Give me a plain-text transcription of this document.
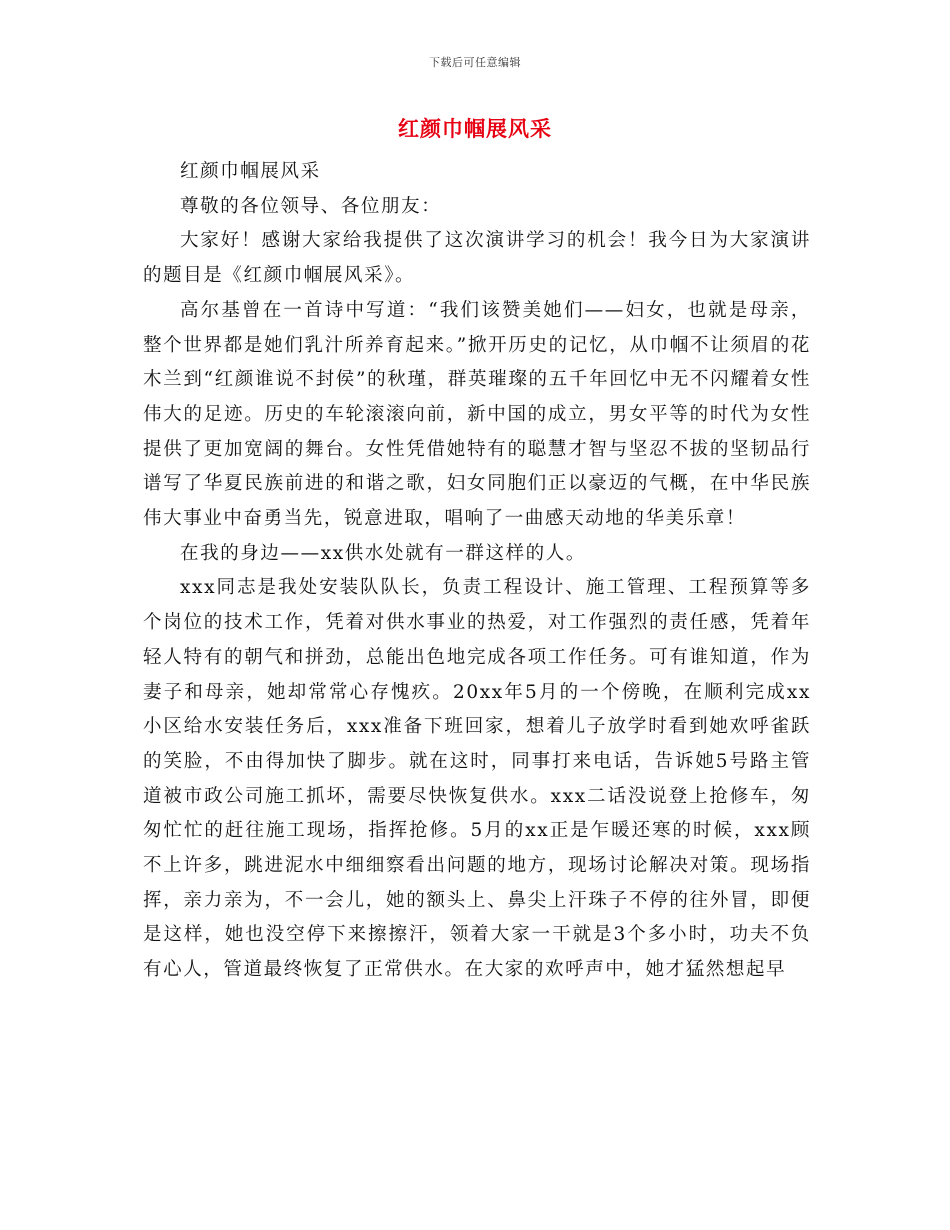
下载后可任意编辑
红颜巾帼展风采

红颜巾帼展风采

尊敬的各位领导、各位朋友：

大家好！感谢大家给我提供了这次演讲学习的机会！我今日为大家演讲的题目是《红颜巾帼展风采》。

高尔基曾在一首诗中写道：“我们该赞美她们——妇女，也就是母亲，整个世界都是她们乳汁所养育起来。”掀开历史的记忆，从巾帼不让须眉的花木兰到“红颜谁说不封侯”的秋瑾，群英璀璨的五千年回忆中无不闪耀着女性伟大的足迹。历史的车轮滚滚向前，新中国的成立，男女平等的时代为女性提供了更加宽阔的舞台。女性凭借她特有的聪慧才智与坚忍不拔的坚韧品行谱写了华夏民族前进的和谐之歌，妇女同胞们正以豪迈的气概，在中华民族伟大事业中奋勇当先，锐意进取，唱响了一曲感天动地的华美乐章！

在我的身边——xx供水处就有一群这样的人。

xxx同志是我处安装队队长，负责工程设计、施工管理、工程预算等多个岗位的技术工作，凭着对供水事业的热爱，对工作强烈的责任感，凭着年轻人特有的朝气和拼劲，总能出色地完成各项工作任务。可有谁知道，作为妻子和母亲，她却常常心存愧疚。20xx年5月的一个傍晚，在顺利完成xx小区给水安装任务后，xxx准备下班回家，想着儿子放学时看到她欢呼雀跃的笑脸，不由得加快了脚步。就在这时，同事打来电话，告诉她5号路主管道被市政公司施工抓坏，需要尽快恢复供水。xxx二话没说登上抢修车，匆匆忙忙的赶往施工现场，指挥抢修。5月的xx正是乍暖还寒的时候，xxx顾不上许多，跳进泥水中细细察看出问题的地方，现场讨论解决对策。现场指挥，亲力亲为，不一会儿，她的额头上、鼻尖上汗珠子不停的往外冒，即便是这样，她也没空停下来擦擦汗，领着大家一干就是3个多小时，功夫不负有心人，管道最终恢复了正常供水。在大家的欢呼声中，她才猛然想起早
